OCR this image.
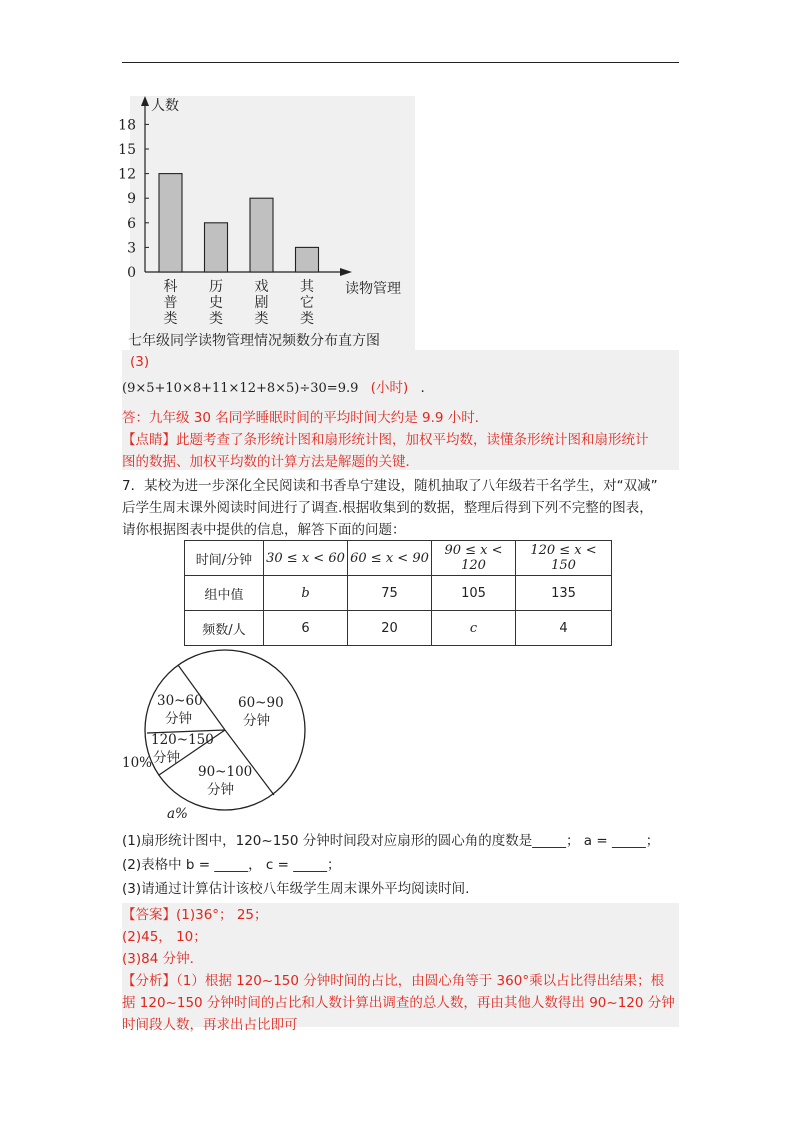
人数
读物管理
0
3
6
9
12
15
18
科
普
类
历
史
类
戏
剧
类
其
它
类
七年级同学读物管理情况频数分布直方图
(3)
(9×5+10×8+11×12+8×5)÷30=9.9 (小时) .
答：九年级 30 名同学睡眠时间的平均时间大约是 9.9 小时．
【点睛】此题考查了条形统计图和扇形统计图，加权平均数，读懂条形统计图和扇形统计
图的数据、加权平均数的计算方法是解题的关键．
7．某校为进一步深化全民阅读和书香阜宁建设，随机抽取了八年级若干名学生，对“双减”
后学生周末课外阅读时间进行了调查.根据收集到的数据，整理后得到下列不完整的图表，
请你根据图表中提供的信息，解答下面的问题：
时间/分钟	30 ≤ x < 60	60 ≤ x < 90	90 ≤ x < 120	120 ≤ x < 150
组中值	b	75	105	135
频数/人	6	20	c	4
30~60
分钟
60~90
分钟
120~150
分钟
90~100
分钟
10%
a%
(1)扇形统计图中，120~150 分钟时间段对应扇形的圆心角的度数是_____； a = _____；
(2)表格中 b = _____， c = _____；
(3)请通过计算估计该校八年级学生周末课外平均阅读时间.
【答案】(1)36°； 25；
(2)45， 10；
(3)84 分钟．
【分析】（1）根据 120~150 分钟时间的占比，由圆心角等于 360°乘以占比得出结果；根
据 120~150 分钟时间的占比和人数计算出调查的总人数，再由其他人数得出 90~120 分钟
时间段人数，再求出占比即可
